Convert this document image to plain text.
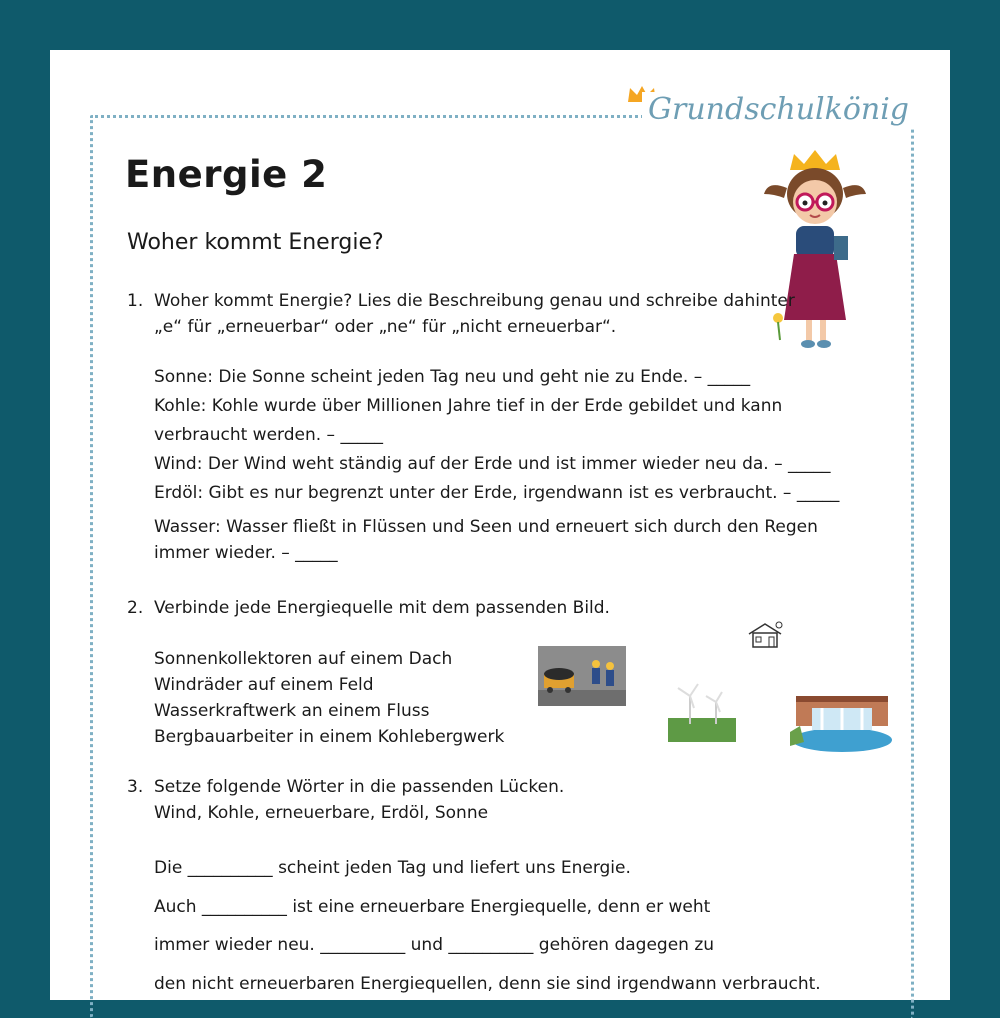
Grundschulkönig
Energie 2
Woher kommt Energie?
1. Woher kommt Energie? Lies die Beschreibung genau und schreibe dahinter
„e“ für „erneuerbar“ oder „ne“ für „nicht erneuerbar“.
Sonne: Die Sonne scheint jeden Tag neu und geht nie zu Ende. – _____
Kohle: Kohle wurde über Millionen Jahre tief in der Erde gebildet und kann
verbraucht werden. – _____
Wind: Der Wind weht ständig auf der Erde und ist immer wieder neu da. – _____
Erdöl: Gibt es nur begrenzt unter der Erde, irgendwann ist es verbraucht. – _____
Wasser: Wasser fließt in Flüssen und Seen und erneuert sich durch den Regen
immer wieder. – _____
2. Verbinde jede Energiequelle mit dem passenden Bild.
Sonnenkollektoren auf einem Dach
Windräder auf einem Feld
Wasserkraftwerk an einem Fluss
Bergbauarbeiter in einem Kohlebergwerk
3. Setze folgende Wörter in die passenden Lücken.
Wind, Kohle, erneuerbare, Erdöl, Sonne
Die __________ scheint jeden Tag und liefert uns Energie.
Auch __________ ist eine erneuerbare Energiequelle, denn er weht
immer wieder neu. __________ und __________ gehören dagegen zu
den nicht erneuerbaren Energiequellen, denn sie sind irgendwann verbraucht.
